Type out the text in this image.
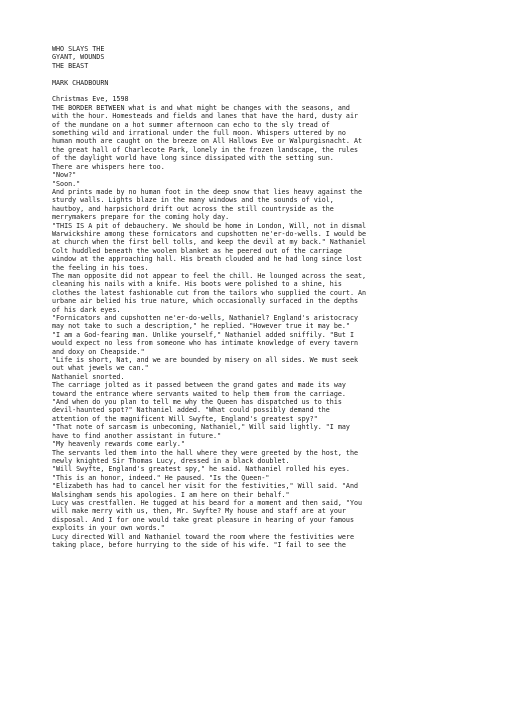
WHO SLAYS THE
GYANT, WOUNDS
THE BEAST
MARK CHADBOURN
Christmas Eve, 1598
THE BORDER BETWEEN what is and what might be changes with the seasons, and
with the hour. Homesteads and fields and lanes that have the hard, dusty air
of the mundane on a hot summer afternoon can echo to the sly tread of
something wild and irrational under the full moon. Whispers uttered by no
human mouth are caught on the breeze on All Hallows Eve or Walpurgisnacht. At
the great hall of Charlecote Park, lonely in the frozen landscape, the rules
of the daylight world have long since dissipated with the setting sun.
There are whispers here too.
"Now?"
"Soon."
And prints made by no human foot in the deep snow that lies heavy against the
sturdy walls. Lights blaze in the many windows and the sounds of viol,
hautboy, and harpsichord drift out across the still countryside as the
merrymakers prepare for the coming holy day.
"THIS IS A pit of debauchery. We should be home in London, Will, not in dismal
Warwickshire among these fornicators and cupshotten ne'er-do-wells. I would be
at church when the first bell tolls, and keep the devil at my back." Nathaniel
Colt huddled beneath the woolen blanket as he peered out of the carriage
window at the approaching hall. His breath clouded and he had long since lost
the feeling in his toes.
The man opposite did not appear to feel the chill. He lounged across the seat,
cleaning his nails with a knife. His boots were polished to a shine, his
clothes the latest fashionable cut from the tailors who supplied the court. An
urbane air belied his true nature, which occasionally surfaced in the depths
of his dark eyes.
"Fornicators and cupshotten ne'er-do-wells, Nathaniel? England's aristocracy
may not take to such a description," he replied. "However true it may be."
"I am a God-fearing man. Unlike yourself," Nathaniel added sniffily. "But I
would expect no less from someone who has intimate knowledge of every tavern
and doxy on Cheapside."
"Life is short, Nat, and we are bounded by misery on all sides. We must seek
out what jewels we can."
Nathaniel snorted.
The carriage jolted as it passed between the grand gates and made its way
toward the entrance where servants waited to help them from the carriage.
"And when do you plan to tell me why the Queen has dispatched us to this
devil-haunted spot?" Nathaniel added. "What could possibly demand the
attention of the magnificent Will Swyfte, England's greatest spy?"
"That note of sarcasm is unbecoming, Nathaniel," Will said lightly. "I may
have to find another assistant in future."
"My heavenly rewards come early."
The servants led them into the hall where they were greeted by the host, the
newly knighted Sir Thomas Lucy, dressed in a black doublet.
"Will Swyfte, England's greatest spy," he said. Nathaniel rolled his eyes.
"This is an honor, indeed." He paused. "Is the Queen-"
"Elizabeth has had to cancel her visit for the festivities," Will said. "And
Walsingham sends his apologies. I am here on their behalf."
Lucy was crestfallen. He tugged at his beard for a moment and then said, "You
will make merry with us, then, Mr. Swyfte? My house and staff are at your
disposal. And I for one would take great pleasure in hearing of your famous
exploits in your own words."
Lucy directed Will and Nathaniel toward the room where the festivities were
taking place, before hurrying to the side of his wife. "I fail to see the
